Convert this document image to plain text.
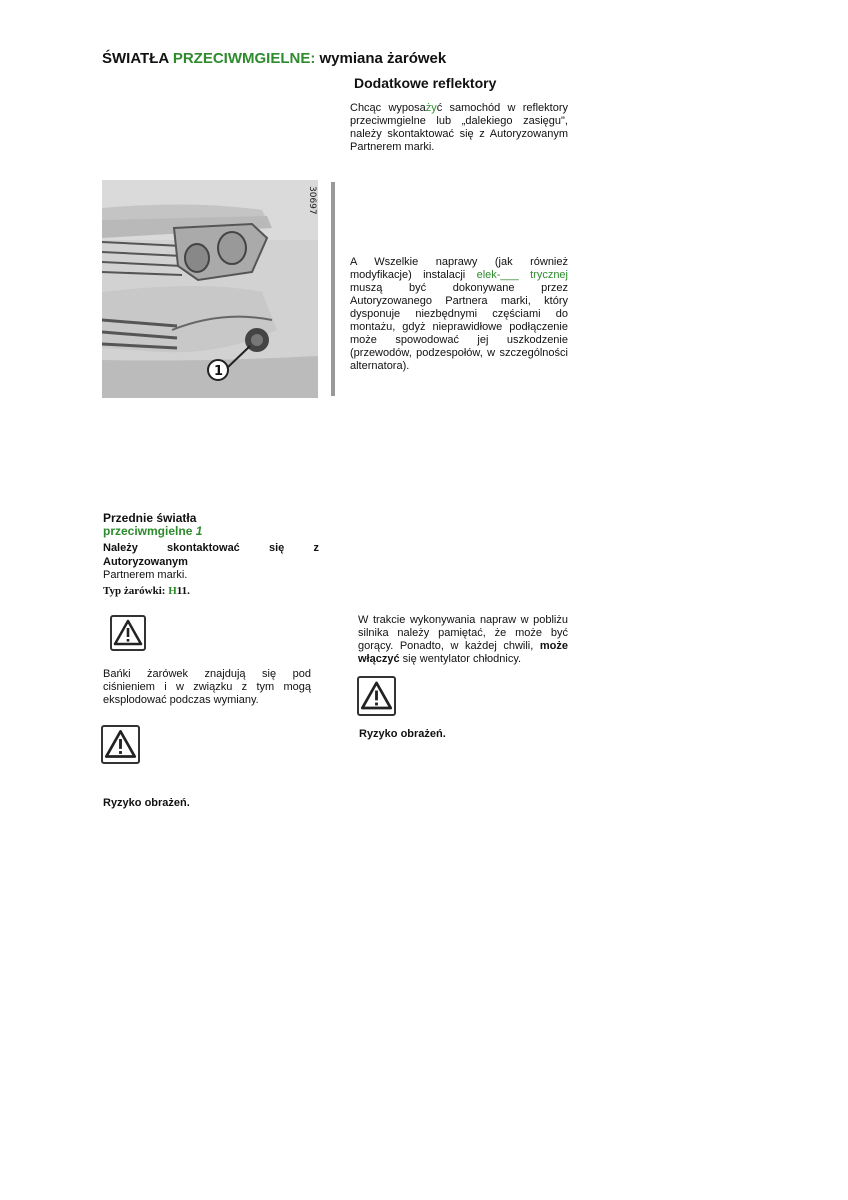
ŚWIATŁA PRZECIWMGIELNE: wymiana żarówek
Dodatkowe reflektory
Chcąc wyposażyć samochód w reflektory przeciwmgielne lub „dalekiego zasięgu", należy skontaktować się z Autoryzowanym Partnerem marki.
1
30697
A Wszelkie naprawy (jak również modyfikacje) instalacji elek-___ trycznej muszą być dokonywane przez Autoryzowanego Partnera marki, który dysponuje niezbędnymi częściami do montażu, gdyż nieprawidłowe podłączenie może spowodować jej uszkodzenie (przewodów, podzespołów, w szczególności alternatora).
Przednie światła
przeciwmgielne 1
Należy skontaktować się z
Autoryzowanym
Partnerem marki.
Typ żarówki: H11.
Bańki żarówek znajdują się pod ciśnieniem i w związku z tym mogą eksplodować podczas wymiany.
Ryzyko obrażeń.
W trakcie wykonywania napraw w pobliżu silnika należy pamiętać, że może być gorący. Ponadto, w każdej chwili, może włączyć się wentylator chłodnicy.
Ryzyko obrażeń.
